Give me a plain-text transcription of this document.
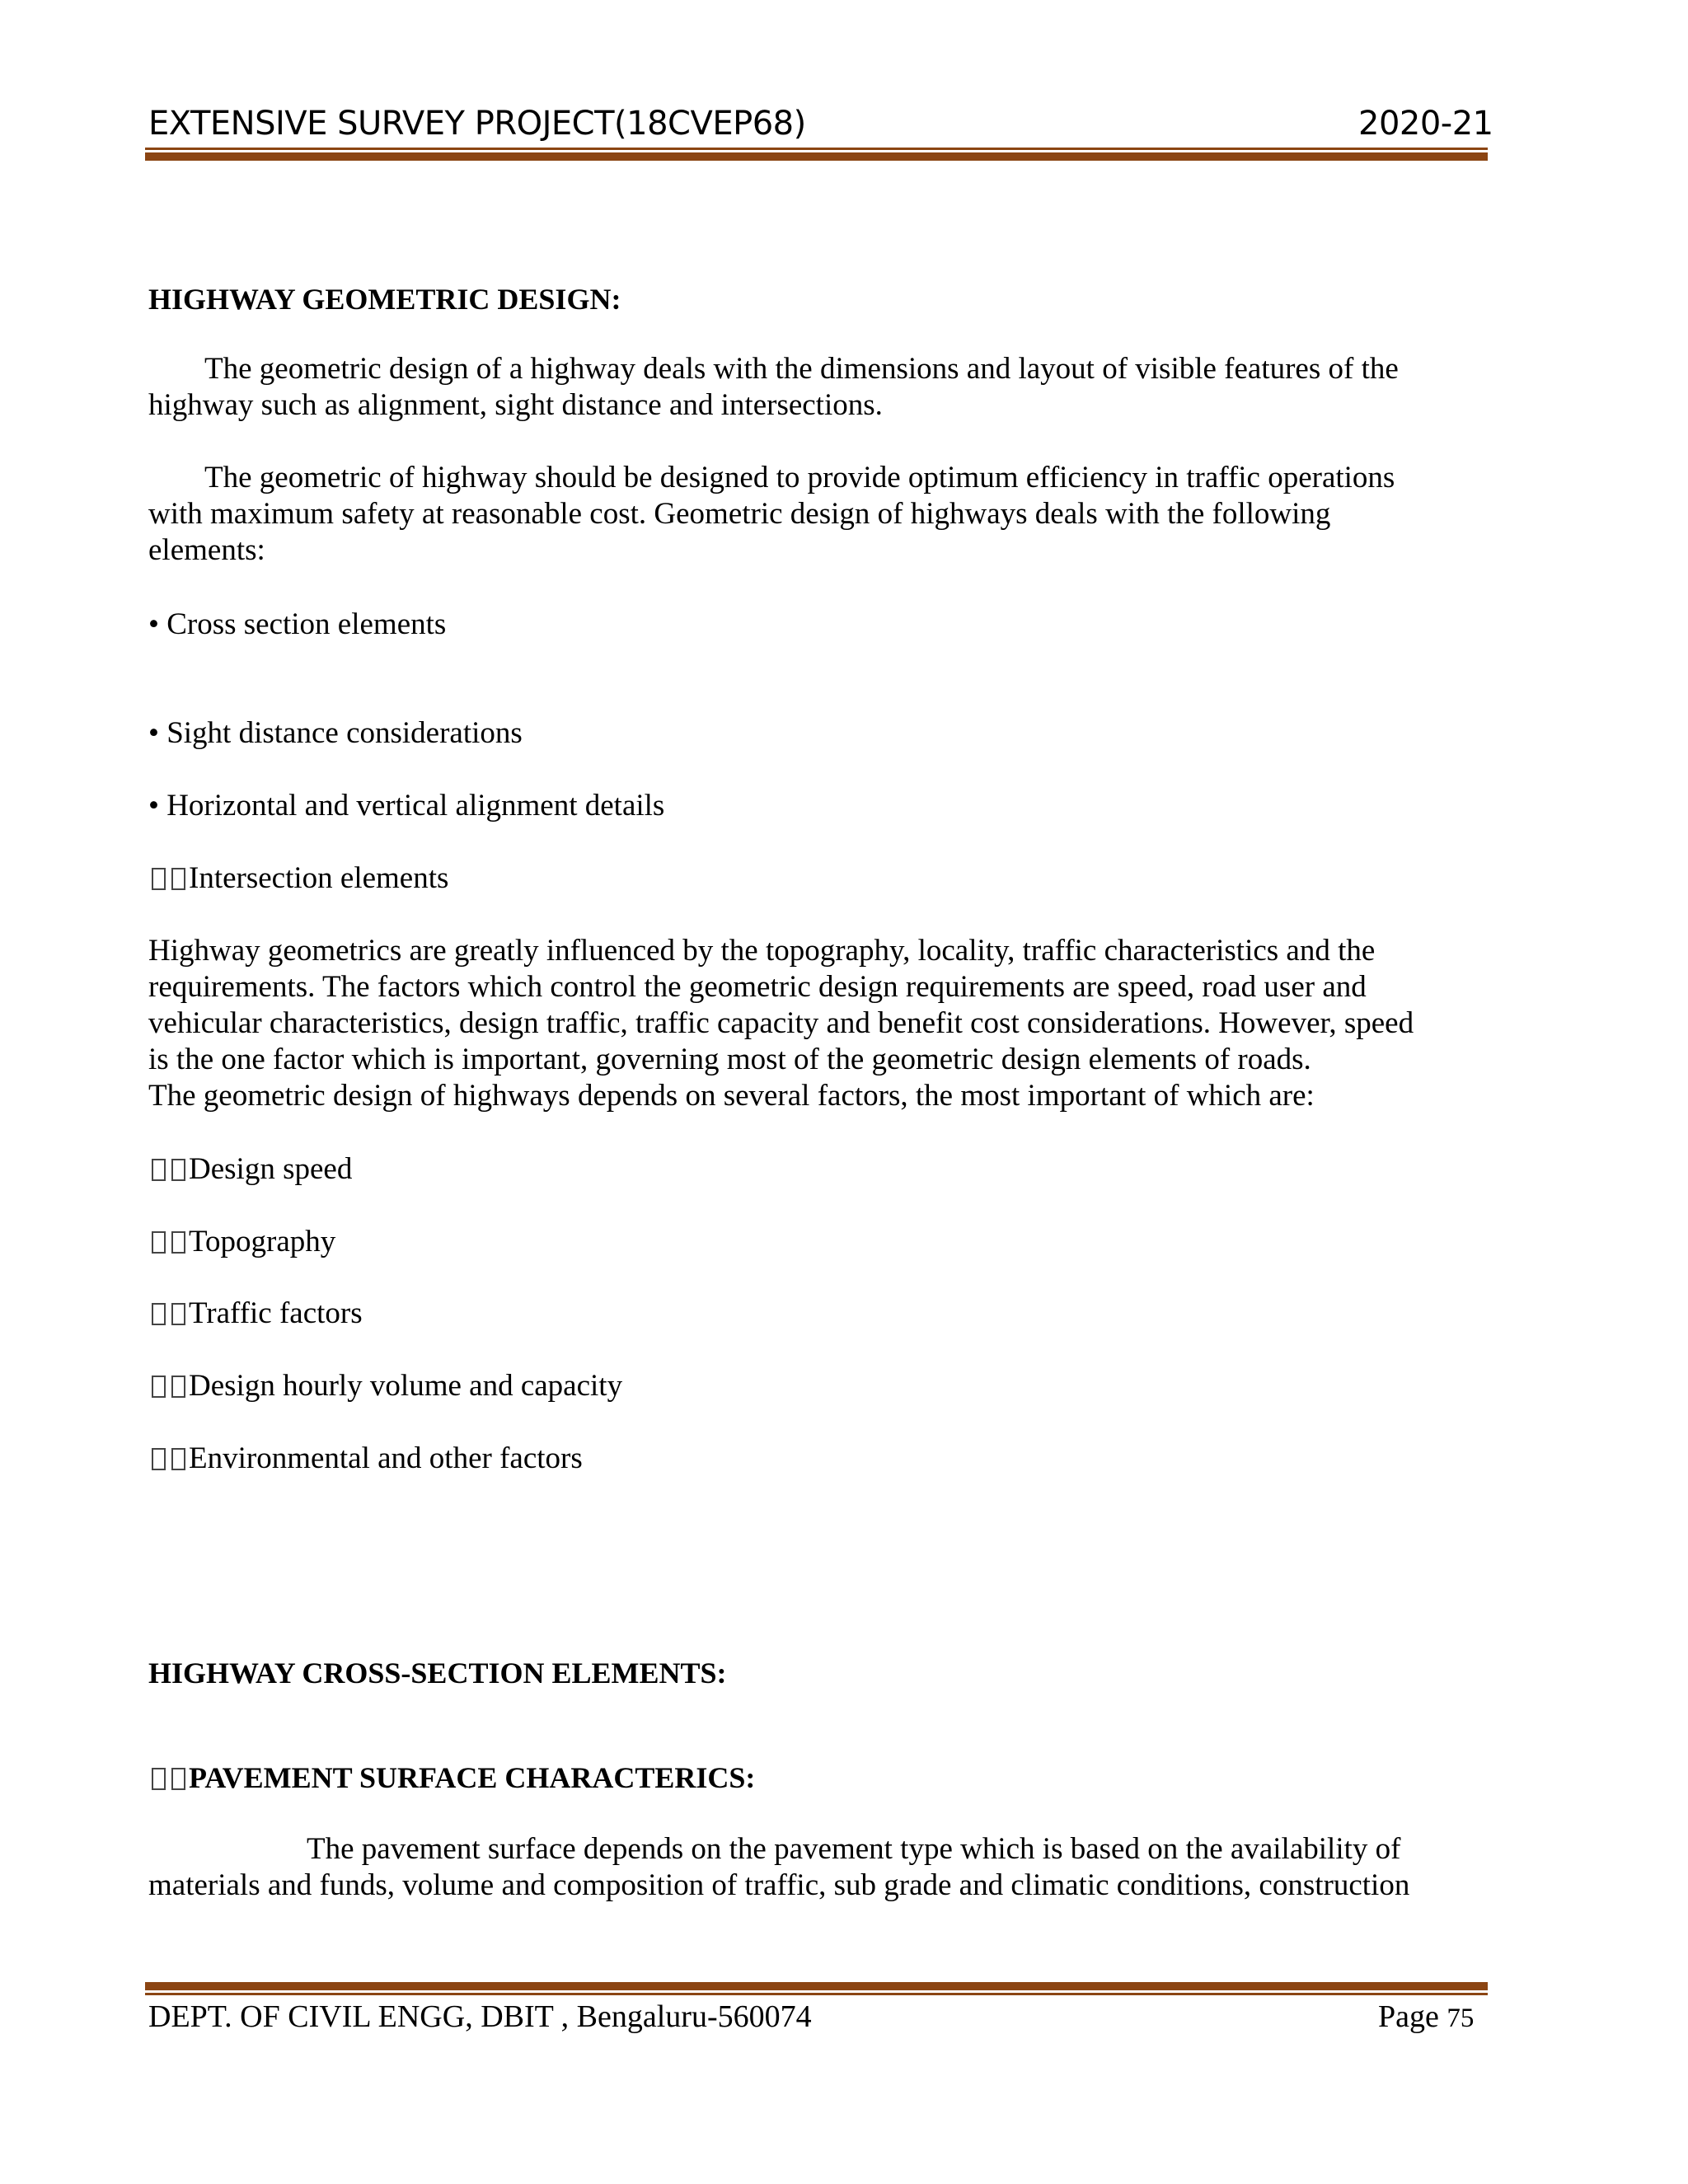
EXTENSIVE SURVEY PROJECT(18CVEP68)	2020-21
HIGHWAY GEOMETRIC DESIGN:

The geometric design of a highway deals with the dimensions and layout of visible features of the

highway such as alignment, sight distance and intersections.

The geometric of highway should be designed to provide optimum efficiency in traffic operations

with maximum safety at reasonable cost. Geometric design of highways deals with the following

elements:

• Cross section elements
• Sight distance considerations
• Horizontal and vertical alignment details
Intersection elements

Highway geometrics are greatly influenced by the topography, locality, traffic characteristics and the

requirements. The factors which control the geometric design requirements are speed, road user and

vehicular characteristics, design traffic, traffic capacity and benefit cost considerations. However, speed

is the one factor which is important, governing most of the geometric design elements of roads.

The geometric design of highways depends on several factors, the most important of which are:

Design speed
Topography
Traffic factors
Design hourly volume and capacity
Environmental and other factors
HIGHWAY CROSS-SECTION ELEMENTS:
PAVEMENT SURFACE CHARACTERICS:

The pavement surface depends on the pavement type which is based on the availability of

materials and funds, volume and composition of traffic, sub grade and climatic conditions, construction

DEPT. OF CIVIL ENGG, DBIT , Bengaluru-560074	Page 75
